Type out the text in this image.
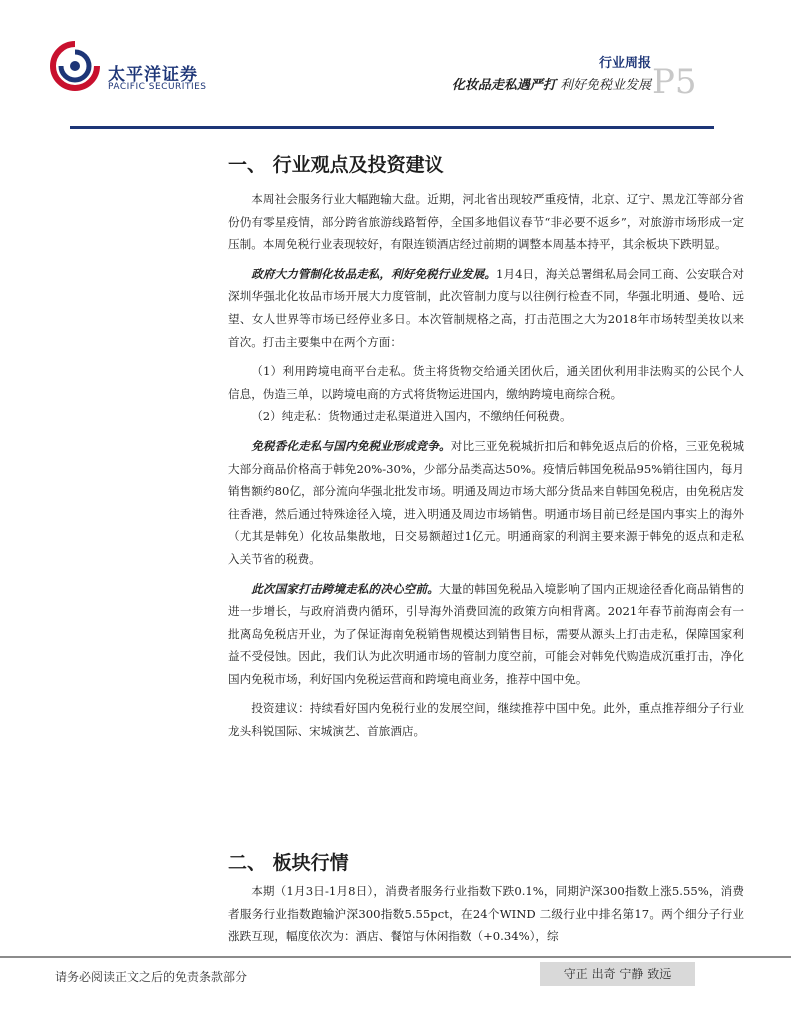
太平洋证券
PACIFIC SECURITIES
行业周报
化妆品走私遇严打 利好免税业发展 P5
一、 行业观点及投资建议

本周社会服务行业大幅跑输大盘。近期，河北省出现较严重疫情，北京、辽宁、黑龙江等部分省份仍有零星疫情，部分跨省旅游线路暂停，全国多地倡议春节“非必要不返乡”，对旅游市场形成一定压制。本周免税行业表现较好，有限连锁酒店经过前期的调整本周基本持平，其余板块下跌明显。

政府大力管制化妆品走私，利好免税行业发展。1月4日，海关总署缉私局会同工商、公安联合对深圳华强北化妆品市场开展大力度管制，此次管制力度与以往例行检查不同，华强北明通、曼哈、远望、女人世界等市场已经停业多日。本次管制规格之高，打击范围之大为2018年市场转型美妆以来首次。打击主要集中在两个方面：

（1）利用跨境电商平台走私。货主将货物交给通关团伙后，通关团伙利用非法购买的公民个人信息，伪造三单，以跨境电商的方式将货物运进国内，缴纳跨境电商综合税。

（2）纯走私：货物通过走私渠道进入国内，不缴纳任何税费。

免税香化走私与国内免税业形成竞争。对比三亚免税城折扣后和韩免返点后的价格，三亚免税城大部分商品价格高于韩免20%-30%，少部分品类高达50%。疫情后韩国免税品95%销往国内，每月销售额约80亿，部分流向华强北批发市场。明通及周边市场大部分货品来自韩国免税店，由免税店发往香港，然后通过特殊途径入境，进入明通及周边市场销售。明通市场目前已经是国内事实上的海外（尤其是韩免）化妆品集散地，日交易额超过1亿元。明通商家的利润主要来源于韩免的返点和走私入关节省的税费。

此次国家打击跨境走私的决心空前。大量的韩国免税品入境影响了国内正规途径香化商品销售的进一步增长，与政府消费内循环，引导海外消费回流的政策方向相背离。2021年春节前海南会有一批离岛免税店开业，为了保证海南免税销售规模达到销售目标，需要从源头上打击走私，保障国家利益不受侵蚀。因此，我们认为此次明通市场的管制力度空前，可能会对韩免代购造成沉重打击，净化国内免税市场，利好国内免税运营商和跨境电商业务，推荐中国中免。

投资建议：持续看好国内免税行业的发展空间，继续推荐中国中免。此外，重点推荐细分子行业龙头科锐国际、宋城演艺、首旅酒店。

二、 板块行情

本期（1月3日-1月8日），消费者服务行业指数下跌0.1%，同期沪深300指数上涨5.55%，消费者服务行业指数跑输沪深300指数5.55pct，在24个WIND 二级行业中排名第17。两个细分子行业涨跌互现，幅度依次为：酒店、餐馆与休闲指数（+0.34%），综

请务必阅读正文之后的免责条款部分	守正 出奇 宁静 致远
